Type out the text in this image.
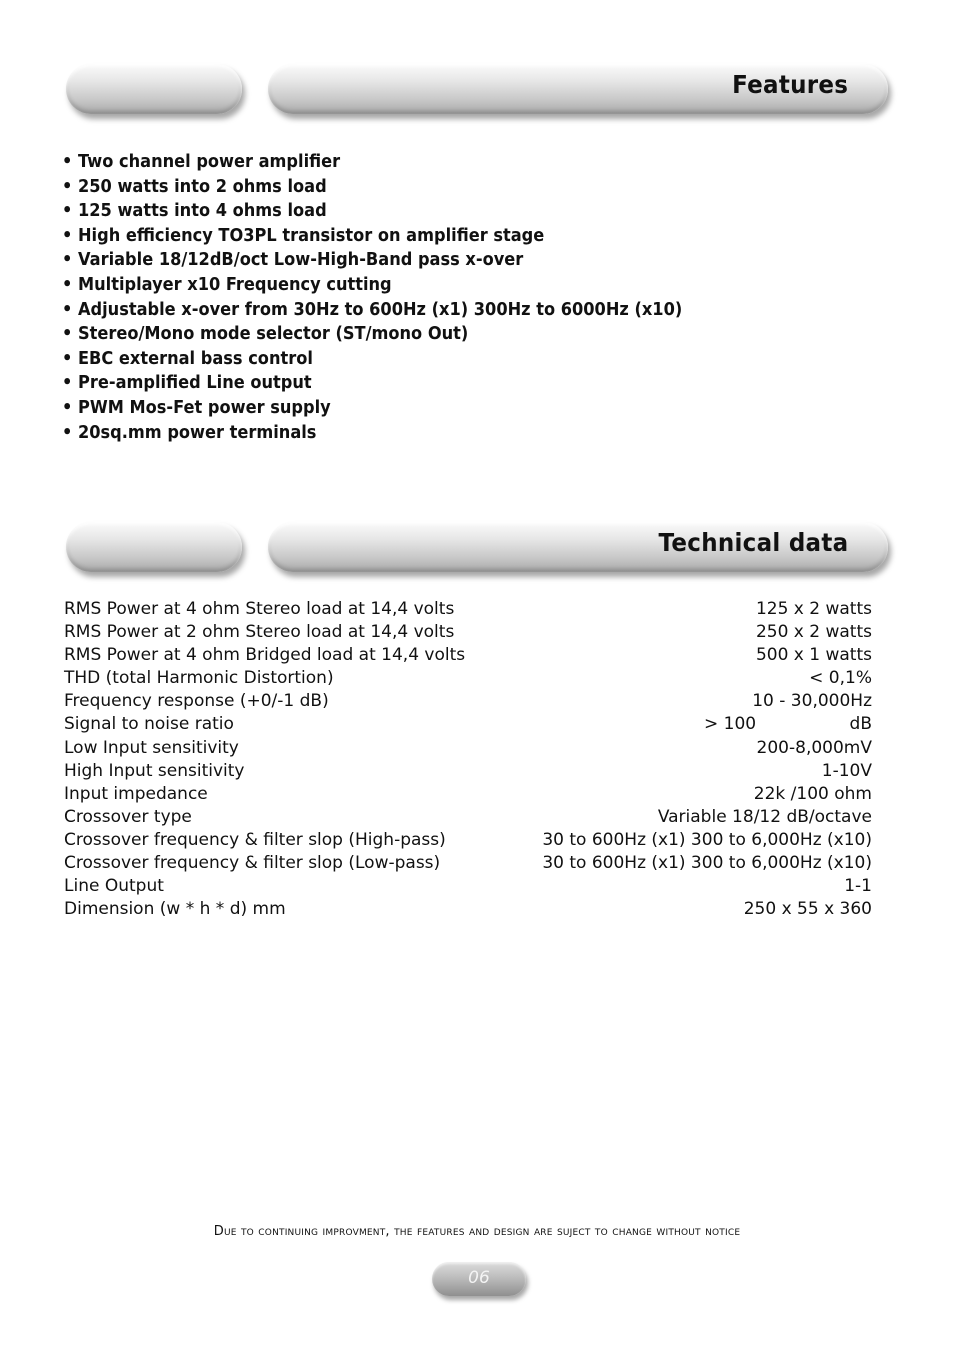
Features
• Two channel power amplifier
• 250 watts into 2 ohms load
• 125 watts into 4 ohms load
• High efficiency TO3PL transistor on amplifier stage
• Variable 18/12dB/oct Low-High-Band pass x-over
• Multiplayer x10 Frequency cutting
• Adjustable x-over from 30Hz to 600Hz (x1) 300Hz to 6000Hz (x10)
• Stereo/Mono mode selector (ST/mono Out)
• EBC external bass control
• Pre-amplified Line output
• PWM Mos-Fet power supply
• 20sq.mm power terminals
Technical data
RMS Power at 4 ohm Stereo load at 14,4 volts	125 x 2 watts
RMS Power at 2 ohm Stereo load at 14,4 volts	250 x 2 watts
RMS Power at 4 ohm Bridged load at 14,4 volts	500 x 1 watts
THD (total Harmonic Distortion)	< 0,1%
Frequency response (+0/-1 dB)	10 - 30,000Hz
Signal to noise ratio	> 100 dB

Low Input sensitivity	200-8,000mV
High Input sensitivity	1-10V
Input impedance	22k /100 ohm
Crossover type	Variable 18/12 dB/octave
Crossover frequency & filter slop (High-pass)	30 to 600Hz (x1) 300 to 6,000Hz (x10)
Crossover frequency & filter slop (Low-pass)	30 to 600Hz (x1) 300 to 6,000Hz (x10)
Line Output	1-1
Dimension (w * h * d) mm	250 x 55 x 360
Due to continuing improvment, the features and design are suject to change without notice
06
